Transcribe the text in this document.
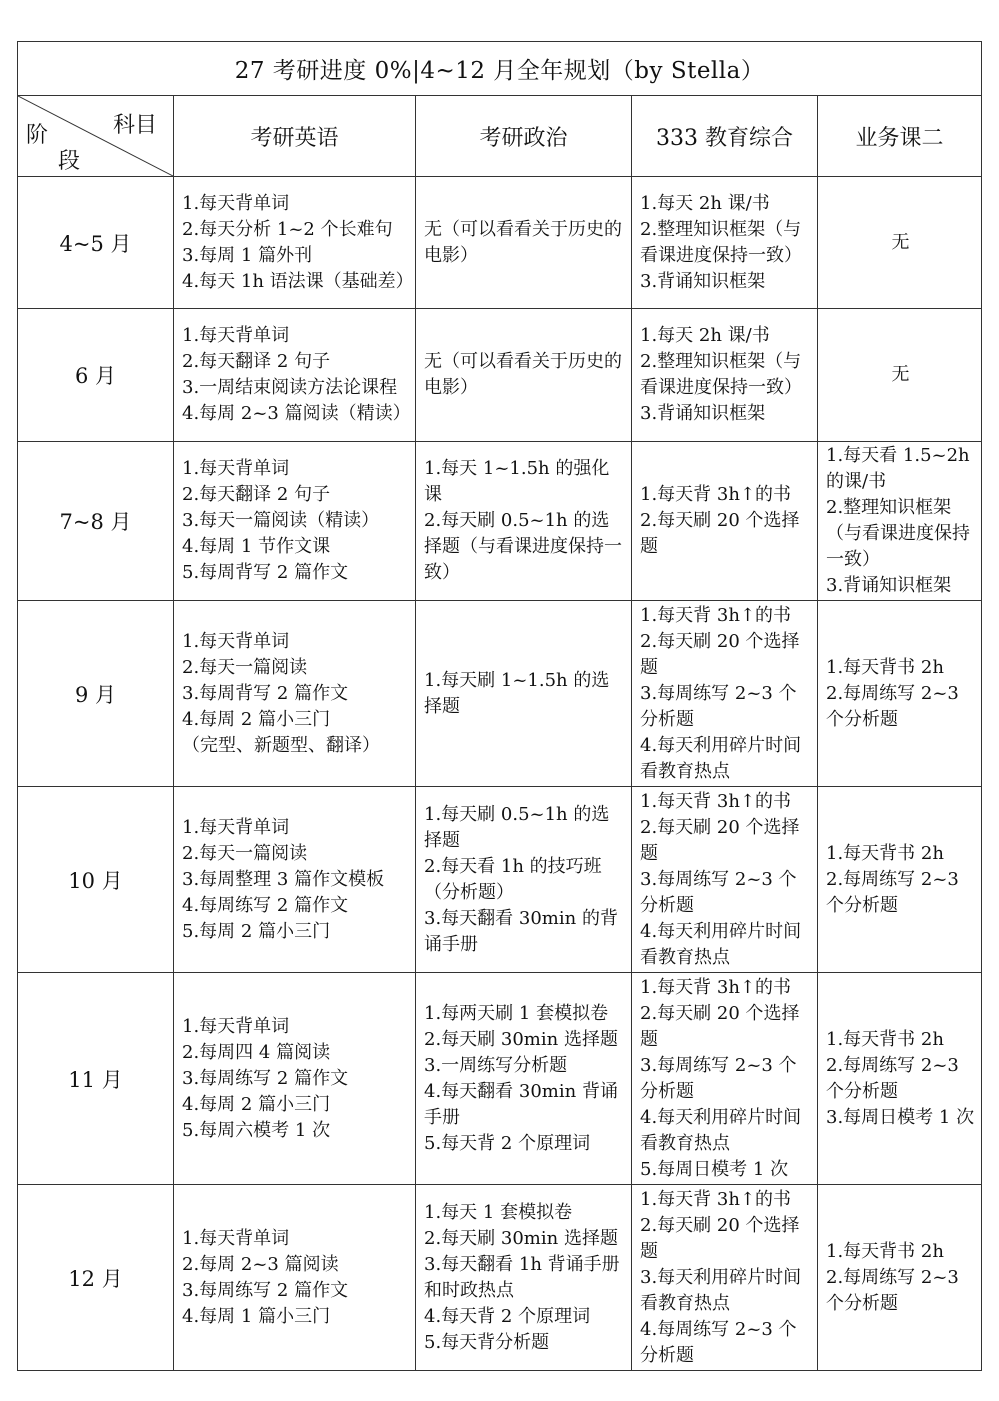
27 考研进度 0%|4~12 月全年规划（by Stella）				

科目
阶
段	考研英语	考研政治	333 教育综合	业务课二
4~5 月	1.每天背单词
2.每天分析 1~2 个长难句
3.每周 1 篇外刊
4.每天 1h 语法课（基础差）	无（可以看看关于历史的电影）	1.每天 2h 课/书
2.整理知识框架（与看课进度保持一致）
3.背诵知识框架	无

6 月	1.每天背单词
2.每天翻译 2 句子
3.一周结束阅读方法论课程
4.每周 2~3 篇阅读（精读）	无（可以看看关于历史的电影）	1.每天 2h 课/书
2.整理知识框架（与看课进度保持一致）
3.背诵知识框架	无

7~8 月	1.每天背单词
2.每天翻译 2 句子
3.每天一篇阅读（精读）
4.每周 1 节作文课
5.每周背写 2 篇作文	1.每天 1~1.5h 的强化课
2.每天刷 0.5~1h 的选择题（与看课进度保持一致）	1.每天背 3h↑的书
2.每天刷 20 个选择题	1.每天看 1.5~2h 的课/书
2.整理知识框架（与看课进度保持一致）
3.背诵知识框架

9 月	1.每天背单词
2.每天一篇阅读
3.每周背写 2 篇作文
4.每周 2 篇小三门
（完型、新题型、翻译）	1.每天刷 1~1.5h 的选择题	1.每天背 3h↑的书
2.每天刷 20 个选择题
3.每周练写 2~3 个分析题
4.每天利用碎片时间看教育热点	1.每天背书 2h
2.每周练写 2~3 个分析题

10 月	1.每天背单词
2.每天一篇阅读
3.每周整理 3 篇作文模板
4.每周练写 2 篇作文
5.每周 2 篇小三门	1.每天刷 0.5~1h 的选择题
2.每天看 1h 的技巧班（分析题）
3.每天翻看 30min 的背诵手册	1.每天背 3h↑的书
2.每天刷 20 个选择题
3.每周练写 2~3 个分析题
4.每天利用碎片时间看教育热点	1.每天背书 2h
2.每周练写 2~3 个分析题

11 月	1.每天背单词
2.每周四 4 篇阅读
3.每周练写 2 篇作文
4.每周 2 篇小三门
5.每周六模考 1 次	1.每两天刷 1 套模拟卷
2.每天刷 30min 选择题
3.一周练写分析题
4.每天翻看 30min 背诵手册
5.每天背 2 个原理词	1.每天背 3h↑的书
2.每天刷 20 个选择题
3.每周练写 2~3 个分析题
4.每天利用碎片时间看教育热点
5.每周日模考 1 次	1.每天背书 2h
2.每周练写 2~3 个分析题
3.每周日模考 1 次

12 月	1.每天背单词
2.每周 2~3 篇阅读
3.每周练写 2 篇作文
4.每周 1 篇小三门	1.每天 1 套模拟卷
2.每天刷 30min 选择题
3.每天翻看 1h 背诵手册和时政热点
4.每天背 2 个原理词
5.每天背分析题	1.每天背 3h↑的书
2.每天刷 20 个选择题
3.每天利用碎片时间看教育热点
4.每周练写 2~3 个分析题	1.每天背书 2h
2.每周练写 2~3 个分析题
